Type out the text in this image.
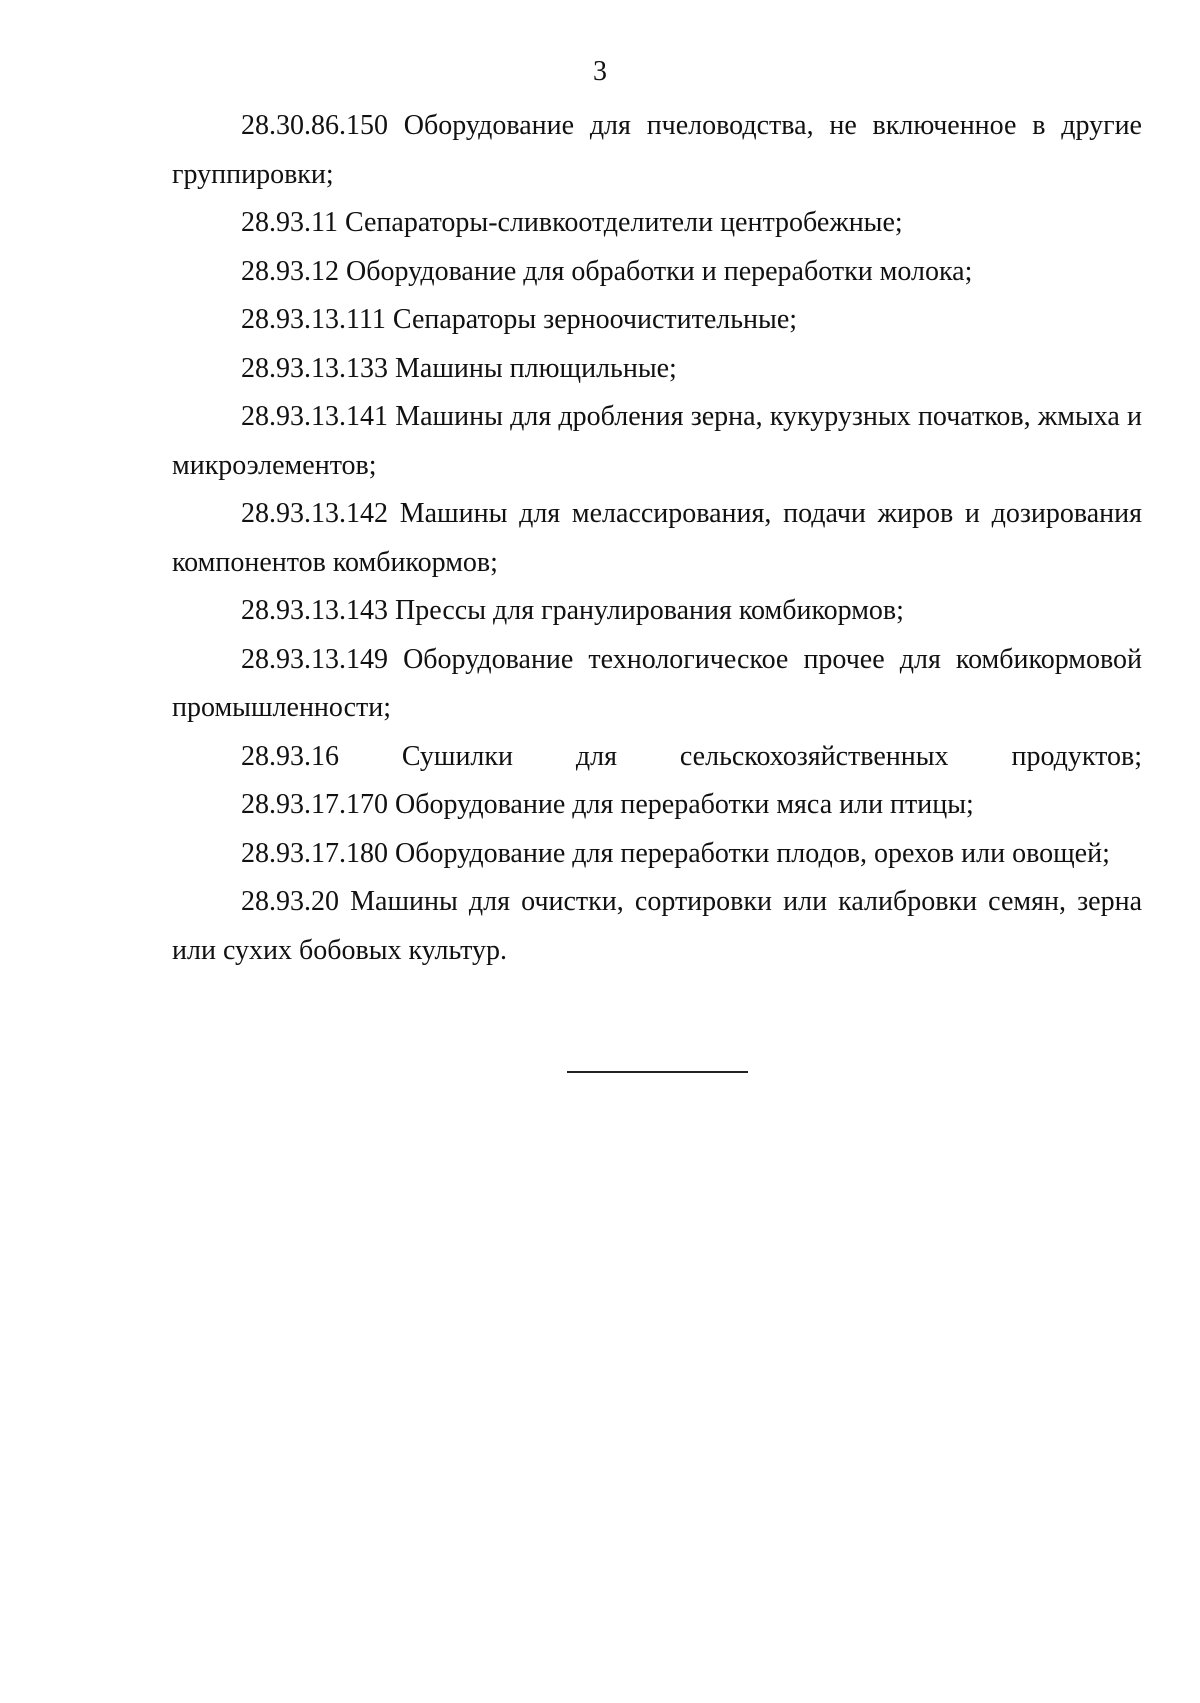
3

28.30.86.150 Оборудование для пчеловодства, не включенное в другие группировки;

28.93.11 Сепараторы-сливкоотделители центробежные;

28.93.12 Оборудование для обработки и переработки молока;

28.93.13.111 Сепараторы зерноочистительные;

28.93.13.133 Машины плющильные;

28.93.13.141 Машины для дробления зерна, кукурузных початков, жмыха и микроэлементов;

28.93.13.142 Машины для мелассирования, подачи жиров и дозирования компонентов комбикормов;

28.93.13.143 Прессы для гранулирования комбикормов;

28.93.13.149 Оборудование технологическое прочее для комбикормовой промышленности;

28.93.16 Сушилки для сельскохозяйственных продуктов;

28.93.17.170 Оборудование для переработки мяса или птицы;

28.93.17.180 Оборудование для переработки плодов, орехов или овощей;

28.93.20 Машины для очистки, сортировки или калибровки семян, зерна или сухих бобовых культур.
